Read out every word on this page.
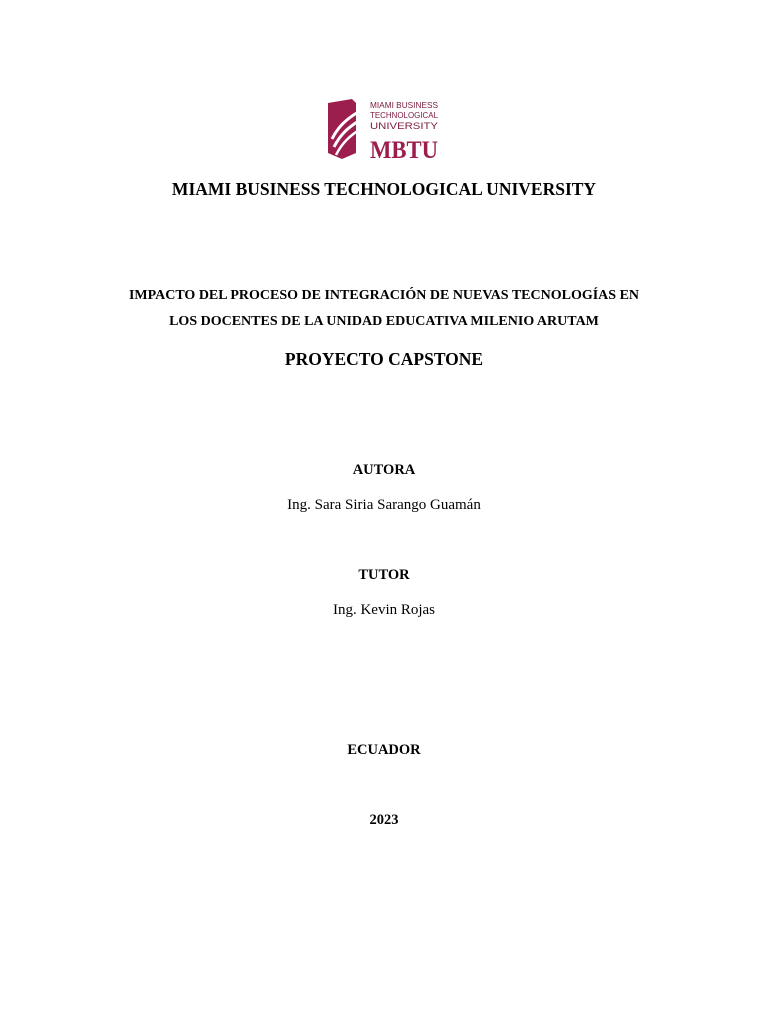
MIAMI BUSINESS
TECHNOLOGICAL
UNIVERSITY
MBTU
MIAMI BUSINESS TECHNOLOGICAL UNIVERSITY
IMPACTO DEL PROCESO DE INTEGRACIÓN DE NUEVAS TECNOLOGÍAS EN
LOS DOCENTES DE LA UNIDAD EDUCATIVA MILENIO ARUTAM
PROYECTO CAPSTONE
AUTORA
Ing. Sara Siria Sarango Guamán
TUTOR
Ing. Kevin Rojas
ECUADOR
2023
